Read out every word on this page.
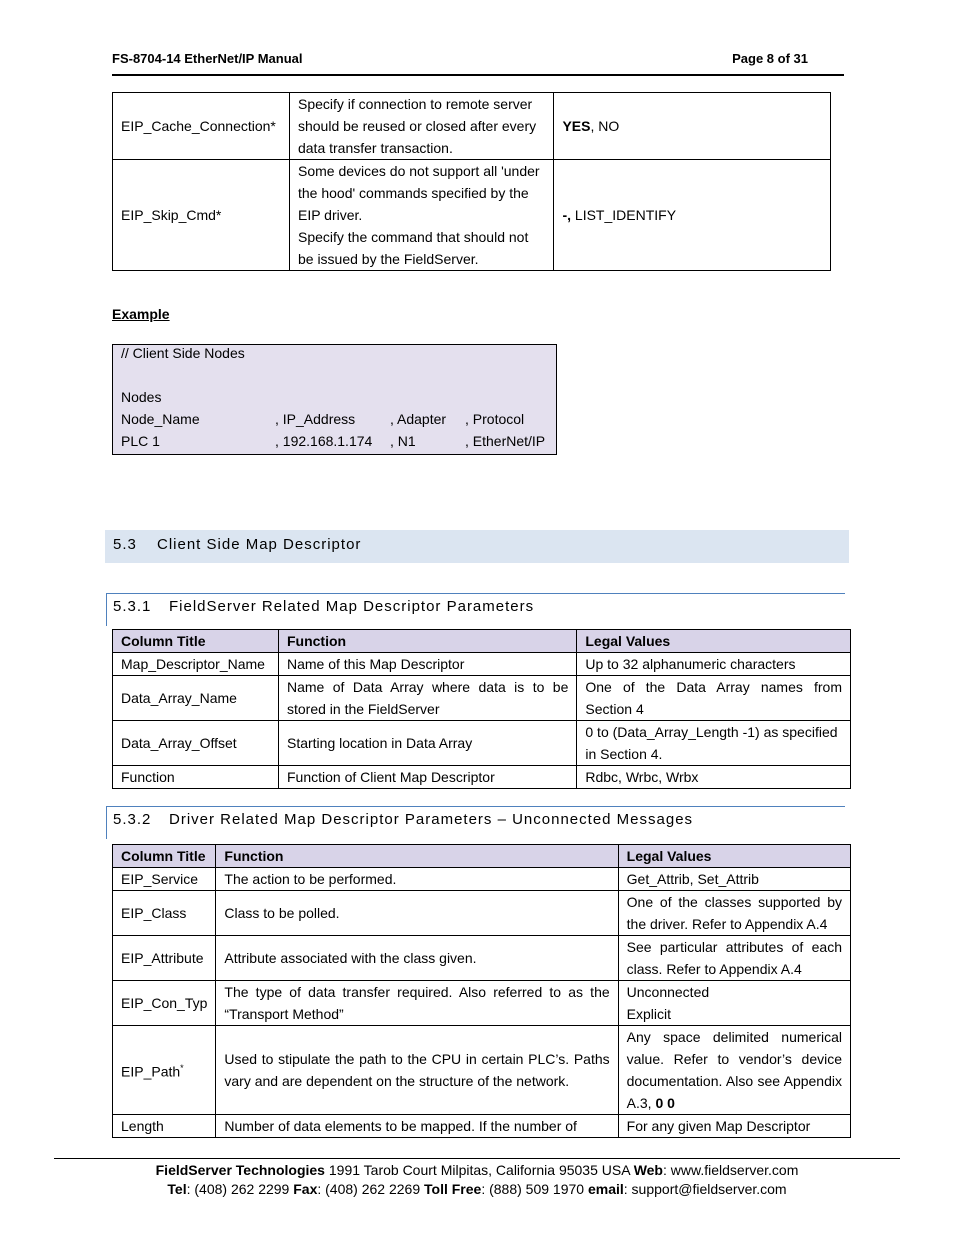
FS-8704-14 EtherNet/IP Manual	Page 8 of 31
EIP_Cache_Connection*	Specify if connection to remote server
should be reused or closed after every
data transfer transaction.	YES, NO
EIP_Skip_Cmd*	Some devices do not support all 'under
the hood' commands specified by the
EIP driver.
Specify the command that should not
be issued by the FieldServer.	-, LIST_IDENTIFY
Example
// Client Side Nodes
Nodes
Node_Name	, IP_Address , Adapter , Protocol
PLC 1	, 192.168.1.174 , N1	, EtherNet/IP
5.3 Client Side Map Descriptor
5.3.1 FieldServer Related Map Descriptor Parameters
Column Title	Function	Legal Values
Map_Descriptor_Name	Name of this Map Descriptor	Up to 32 alphanumeric characters
Data_Array_Name	Name of Data Array where data is to be stored in the FieldServer	One of the Data Array names from Section 4
Data_Array_Offset	Starting location in Data Array	0 to (Data_Array_Length -1) as specified in Section 4.
Function	Function of Client Map Descriptor	Rdbc, Wrbc, Wrbx
5.3.2 Driver Related Map Descriptor Parameters – Unconnected Messages
Column Title	Function	Legal Values
EIP_Service	The action to be performed.	Get_Attrib, Set_Attrib
EIP_Class	Class to be polled.	One of the classes supported by the driver. Refer to Appendix A.4
EIP_Attribute	Attribute associated with the class given.	See particular attributes of each class. Refer to Appendix A.4
EIP_Con_Typ	The type of data transfer required. Also referred to as the “Transport Method”	Unconnected
Explicit

EIP_Path*	Used to stipulate the path to the CPU in certain PLC’s. Paths vary and are dependent on the structure of the network.	Any space delimited numerical value. Refer to vendor’s device documentation. Also see Appendix A.3, 0 0
Length	Number of data elements to be mapped. If the number of	For any given Map Descriptor
FieldServer Technologies 1991 Tarob Court Milpitas, California 95035 USA Web: www.fieldserver.com
Tel: (408) 262 2299 Fax: (408) 262 2269 Toll Free: (888) 509 1970 email: support@fieldserver.com
